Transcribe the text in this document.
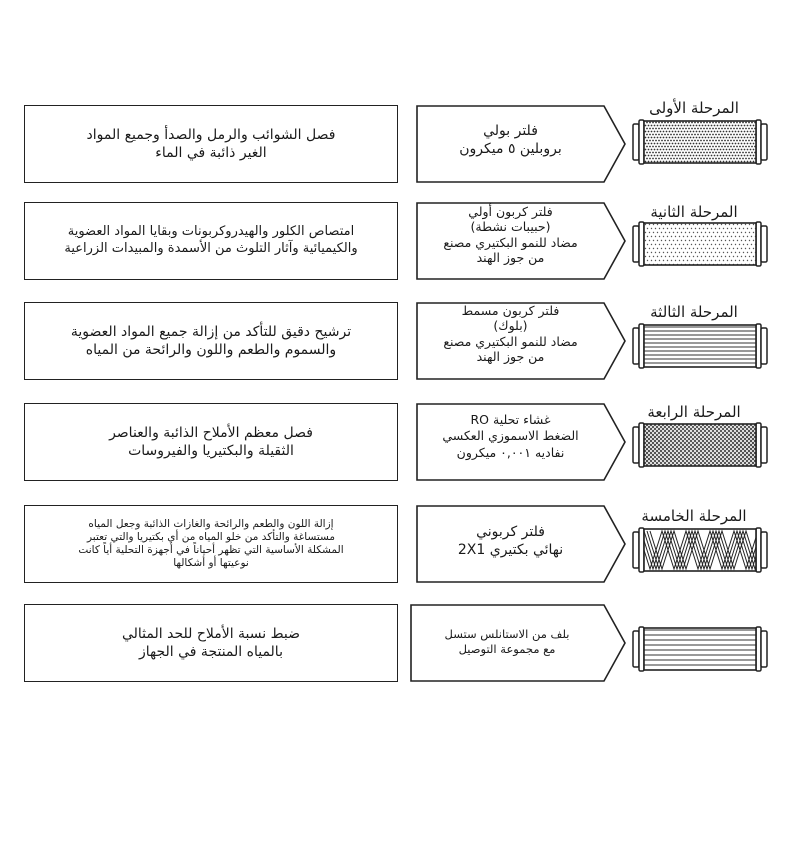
المرحلة الأولى
فلتر بولي
بروبلين ٥ ميكرون
فصل الشوائب والرمل والصدأ وجميع المواد
الغير ذائبة في الماء
المرحلة الثانية
فلتر كربون أولي
(حبيبات نشطة)
مضاد للنمو البكتيري مصنع
من جوز الهند
امتصاص الكلور والهيدروكربونات وبقايا المواد العضوية
والكيميائية وآثار التلوث من الأسمدة والمبيدات الزراعية
المرحلة الثالثة
فلتر كربون مسمط
(بلوك)
مضاد للنمو البكتيري مصنع
من جوز الهند
ترشيح دقيق للتأكد من إزالة جميع المواد العضوية
والسموم والطعم واللون والرائحة من المياه
المرحلة الرابعة
غشاء تحلية RO
الضغط الاسموزي العكسي
نفاديه ٠,٠٠١ ميكرون
فصل معظم الأملاح الذائبة والعناصر
الثقيلة والبكتيريا والفيروسات
المرحلة الخامسة
فلتر كربوني
نهائي بكتيري 2X1
إزالة اللون والطعم والرائحة والغازات الذائبة وجعل المياه
مستساغة والتأكد من خلو المياه من أي بكتيريا والتي تعتبر
المشكلة الأساسية التي تظهر أحياناً في أجهزة التحلية أياً كانت
نوعيتها أو أشكالها
بلف من الاستانلس ستسل
مع مجموعة التوصيل
ضبط نسبة الأملاح للحد المثالي
بالمياه المنتجة في الجهاز
